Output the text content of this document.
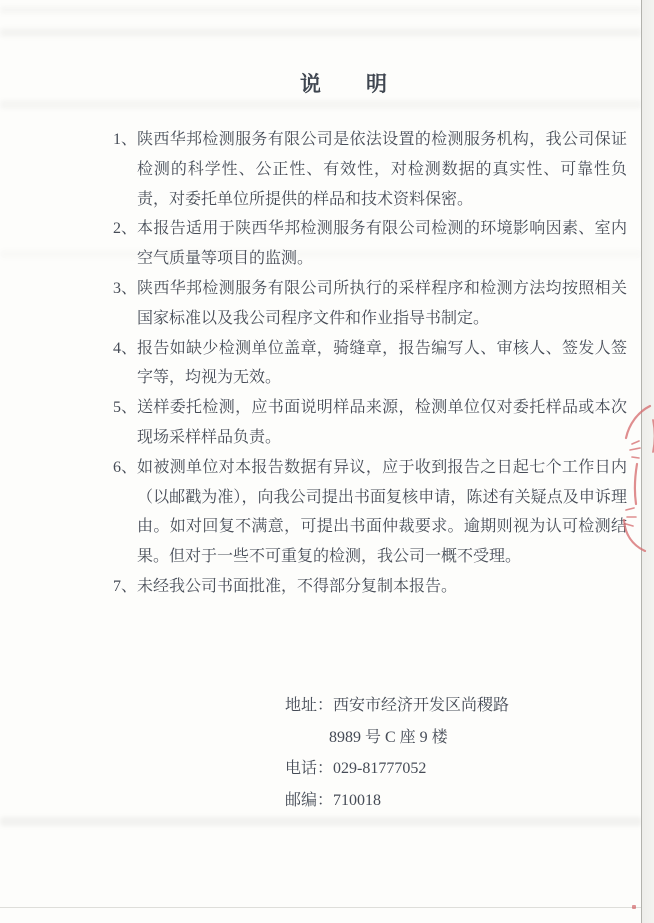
说　　明
1、 陕西华邦检测服务有限公司是依法设置的检测服务机构，我公司保证检测的科学性、公正性、有效性，对检测数据的真实性、可靠性负责，对委托单位所提供的样品和技术资料保密。
2、 本报告适用于陕西华邦检测服务有限公司检测的环境影响因素、室内空气质量等项目的监测。
3、 陕西华邦检测服务有限公司所执行的采样程序和检测方法均按照相关国家标准以及我公司程序文件和作业指导书制定。
4、 报告如缺少检测单位盖章，骑缝章，报告编写人、审核人、签发人签字等，均视为无效。
5、 送样委托检测，应书面说明样品来源，检测单位仅对委托样品或本次现场采样样品负责。
6、 如被测单位对本报告数据有异议，应于收到报告之日起七个工作日内（以邮戳为准），向我公司提出书面复核申请，陈述有关疑点及申诉理由。如对回复不满意，可提出书面仲裁要求。逾期则视为认可检测结果。但对于一些不可重复的检测，我公司一概不受理。
7、 未经我公司书面批准，不得部分复制本报告。
地址：西安市经济开发区尚稷路
8989 号 C 座 9 楼
电话：029-81777052
邮编：710018
